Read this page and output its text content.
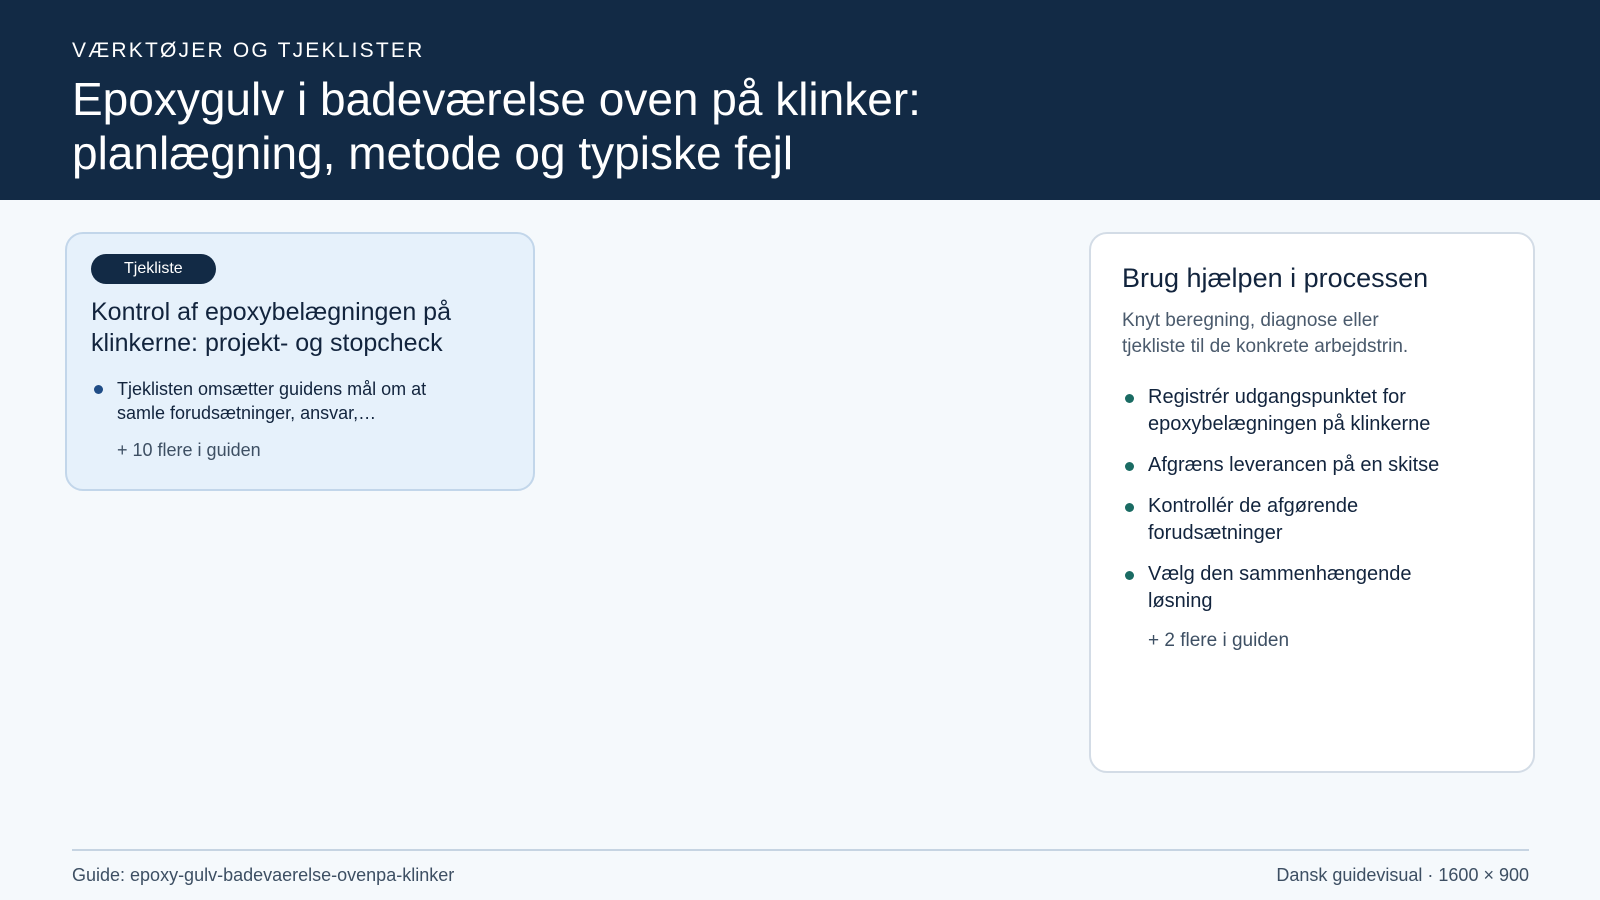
VÆRKTØJER OG TJEKLISTER

Epoxygulv i badeværelse oven på klinker: planlægning, metode og typiske fejl
Tjekliste
Kontrol af epoxybelægningen på klinkerne: projekt- og stopcheck
Tjeklisten omsætter guidens mål om at samle forudsætninger, ansvar,…
+ 10 flere i guiden
Brug hjælpen i processen

Knyt beregning, diagnose eller tjekliste til de konkrete arbejdstrin.

Registrér udgangspunktet for epoxybelægningen på klinkerne
Afgræns leverancen på en skitse
Kontrollér de afgørende forudsætninger
Vælg den sammenhængende løsning
+ 2 flere i guiden
Guide: epoxy-gulv-badevaerelse-ovenpa-klinker	Dansk guidevisual · 1600 × 900
